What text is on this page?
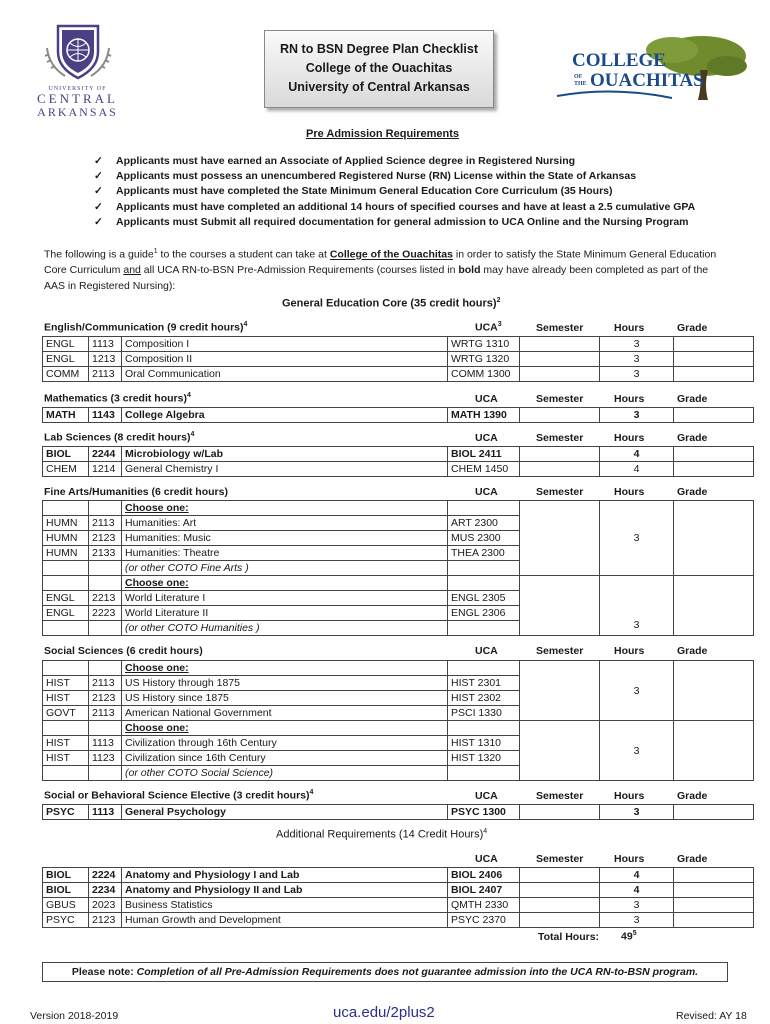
UNIVERSITY OF
CENTRAL
ARKANSAS
RN to BSN Degree Plan Checklist
College of the Ouachitas
University of Central Arkansas
COLLEGE
OF
THE OUACHITAS
Pre Admission Requirements
✓ Applicants must have earned an Associate of Applied Science degree in Registered Nursing
✓ Applicants must possess an unencumbered Registered Nurse (RN) License within the State of Arkansas
✓ Applicants must have completed the State Minimum General Education Core Curriculum (35 Hours)
✓ Applicants must have completed an additional 14 hours of specified courses and have at least a 2.5 cumulative GPA
✓ Applicants must Submit all required documentation for general admission to UCA Online and the Nursing Program
The following is a guide$^1$ to the courses a student can take at College of the Ouachitas in order to satisfy the State Minimum General Education Core Curriculum and all UCA RN-to-BSN Pre-Admission Requirements (courses listed in bold may have already been completed as part of the AAS in Registered Nursing):
General Education Core (35 credit hours)$^2$
English/Communication (9 credit hours)$^4$	UCA$^3$	Semester	Hours	Grade
ENGL	1113	Composition I	WRTG 1310		3	
ENGL	1213	Composition II	WRTG 1320		3	
COMM	2113	Oral Communication	COMM 1300		3	
Mathematics (3 credit hours)$^4$	UCA	Semester	Hours	Grade
MATH	1143	College Algebra	MATH 1390		3	
Lab Sciences (8 credit hours)$^4$	UCA	Semester	Hours	Grade
BIOL	2244	Microbiology w/Lab	BIOL 2411		4	
CHEM	1214	General Chemistry I	CHEM 1450		4	
Fine Arts/Humanities (6 credit hours)	UCA	Semester	Hours	Grade
		Choose one:			3	
HUMN	2113	Humanities: Art	ART 2300			
HUMN	2123	Humanities: Music	MUS 2300			
HUMN	2133	Humanities: Theatre	THEA 2300			
		(or other COTO Fine Arts )				
		Choose one:			3	
ENGL	2213	World Literature I	ENGL 2305			
ENGL	2223	World Literature II	ENGL 2306			
		(or other COTO Humanities )				
Social Sciences (6 credit hours)	UCA	Semester	Hours	Grade
		Choose one:			3	
HIST	2113	US History through 1875	HIST 2301			
HIST	2123	US History since 1875	HIST 2302			
GOVT	2113	American National Government	PSCI 1330			
		Choose one:			3	
HIST	1113	Civilization through 16th Century	HIST 1310			
HIST	1123	Civilization since 16th Century	HIST 1320			
		(or other COTO Social Science)				
Social or Behavioral Science Elective (3 credit hours)$^4$	UCA	Semester	Hours	Grade
PSYC	1113	General Psychology	PSYC 1300		3	
Additional Requirements (14 Credit Hours)$^4$
UCA	Semester	Hours	Grade
BIOL	2224	Anatomy and Physiology I and Lab	BIOL 2406		4	
BIOL	2234	Anatomy and Physiology II and Lab	BIOL 2407		4	
GBUS	2023	Business Statistics	QMTH 2330		3	
PSYC	2123	Human Growth and Development	PSYC 2370		3	
Total Hours: $49^5$
Please note: Completion of all Pre-Admission Requirements does not guarantee admission into the UCA RN-to-BSN program.
Version 2018-2019	uca.edu/2plus2	Revised: AY 18
